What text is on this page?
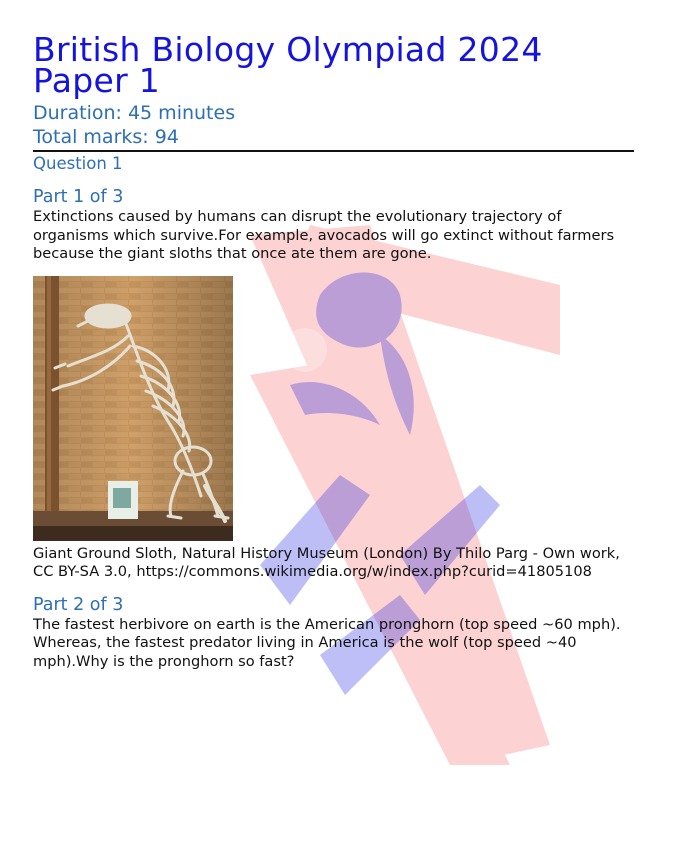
British Biology Olympiad 2024 Paper 1

Duration: 45 minutes

Total marks: 94

Question 1
Part 1 of 3

Extinctions caused by humans can disrupt the evolutionary trajectory of organisms which survive.For example, avocados will go extinct without farmers because the giant sloths that once ate them are gone.

Giant Ground Sloth, Natural History Museum (London) By Thilo Parg - Own work, CC BY-SA 3.0, https://commons.wikimedia.org/w/index.php?curid=41805108

Part 2 of 3

The fastest herbivore on earth is the American pronghorn (top speed ~60 mph). Whereas, the fastest predator living in America is the wolf (top speed ~40 mph).Why is the pronghorn so fast?
